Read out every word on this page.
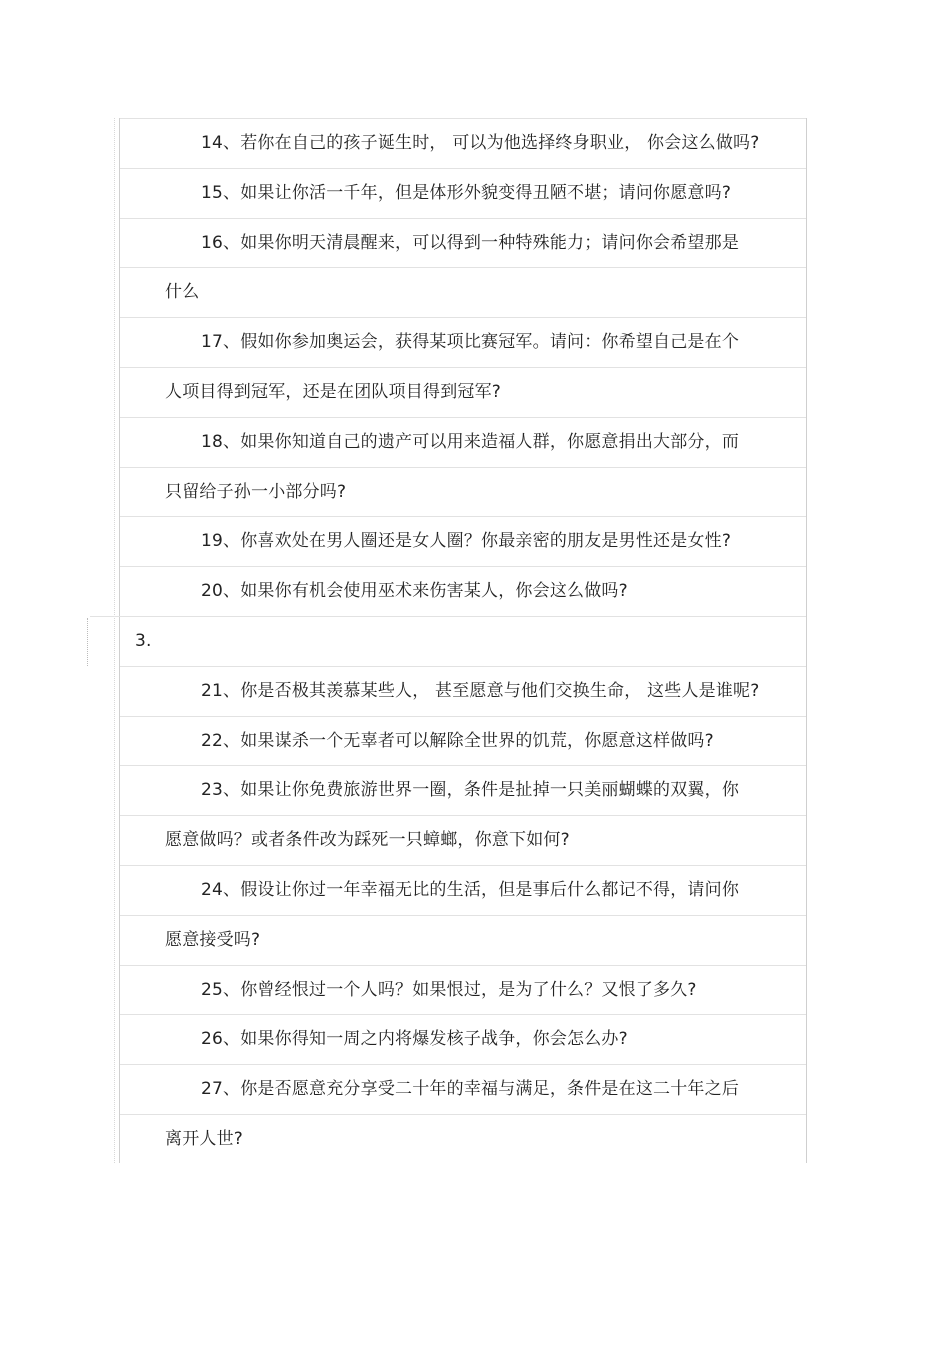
14、若你在自己的孩子诞生时， 可以为他选择终身职业， 你会这么做吗?
15、如果让你活一千年，但是体形外貌变得丑陋不堪；请问你愿意吗?
16、如果你明天清晨醒来，可以得到一种特殊能力；请问你会希望那是
什么
17、假如你参加奥运会，获得某项比赛冠军。请问：你希望自己是在个
人项目得到冠军，还是在团队项目得到冠军?
18、如果你知道自己的遗产可以用来造福人群，你愿意捐出大部分，而
只留给子孙一小部分吗?
19、你喜欢处在男人圈还是女人圈？你最亲密的朋友是男性还是女性?
20、如果你有机会使用巫术来伤害某人，你会这么做吗?
3.
21、你是否极其羡慕某些人， 甚至愿意与他们交换生命， 这些人是谁呢?
22、如果谋杀一个无辜者可以解除全世界的饥荒，你愿意这样做吗?
23、如果让你免费旅游世界一圈，条件是扯掉一只美丽蝴蝶的双翼，你
愿意做吗？或者条件改为踩死一只蟑螂，你意下如何?
24、假设让你过一年幸福无比的生活，但是事后什么都记不得，请问你
愿意接受吗?
25、你曾经恨过一个人吗？如果恨过，是为了什么？又恨了多久?
26、如果你得知一周之内将爆发核子战争，你会怎么办?
27、你是否愿意充分享受二十年的幸福与满足，条件是在这二十年之后
离开人世?
